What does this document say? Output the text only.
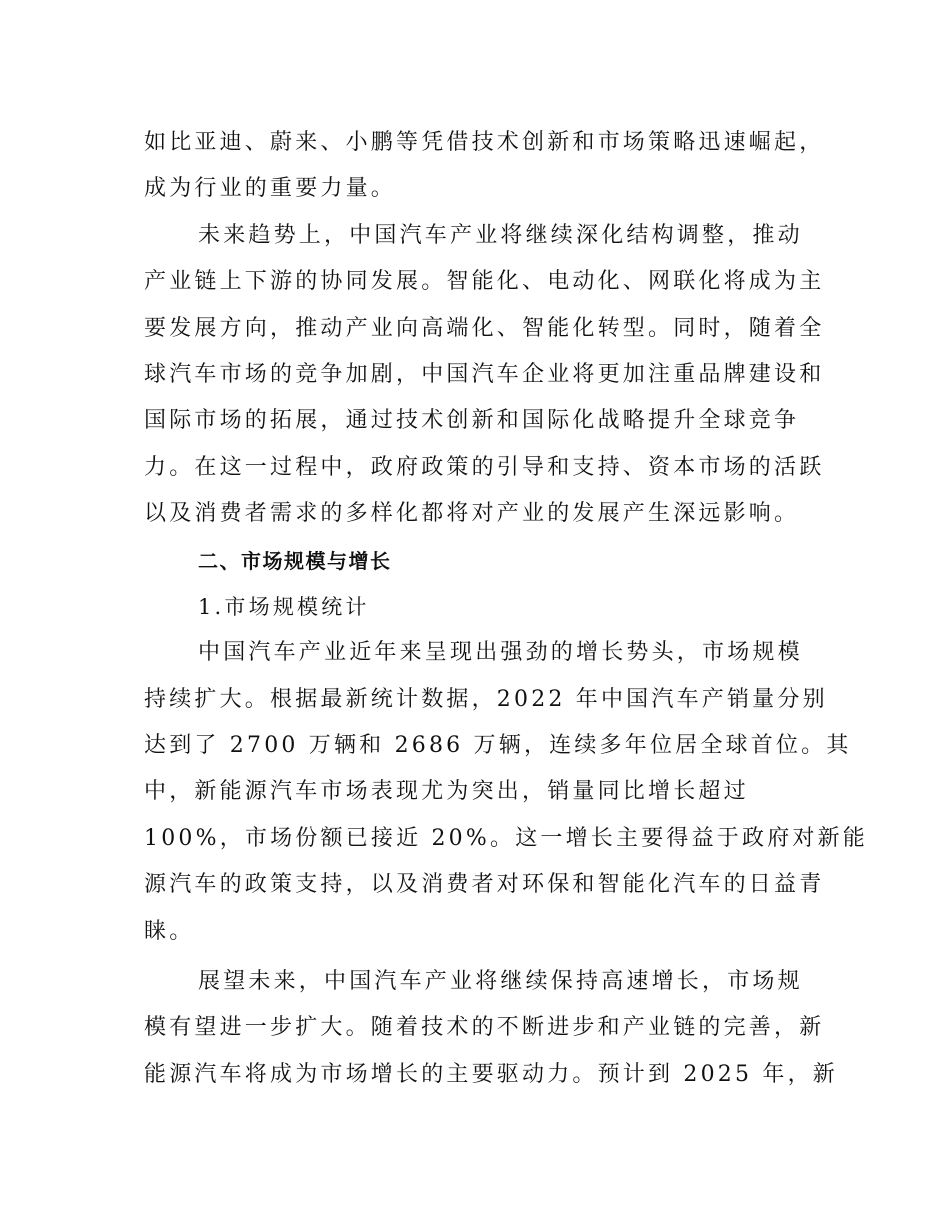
如比亚迪、蔚来、小鹏等凭借技术创新和市场策略迅速崛起，
成为行业的重要力量。
未来趋势上，中国汽车产业将继续深化结构调整，推动
产业链上下游的协同发展。智能化、电动化、网联化将成为主
要发展方向，推动产业向高端化、智能化转型。同时，随着全
球汽车市场的竞争加剧，中国汽车企业将更加注重品牌建设和
国际市场的拓展，通过技术创新和国际化战略提升全球竞争
力。在这一过程中，政府政策的引导和支持、资本市场的活跃
以及消费者需求的多样化都将对产业的发展产生深远影响。
二、市场规模与增长
1.市场规模统计
中国汽车产业近年来呈现出强劲的增长势头，市场规模
持续扩大。根据最新统计数据，2022 年中国汽车产销量分别
达到了 2700 万辆和 2686 万辆，连续多年位居全球首位。其
中，新能源汽车市场表现尤为突出，销量同比增长超过
100%，市场份额已接近 20%。这一增长主要得益于政府对新能
源汽车的政策支持，以及消费者对环保和智能化汽车的日益青
睐。
展望未来，中国汽车产业将继续保持高速增长，市场规
模有望进一步扩大。随着技术的不断进步和产业链的完善，新
能源汽车将成为市场增长的主要驱动力。预计到 2025 年，新
